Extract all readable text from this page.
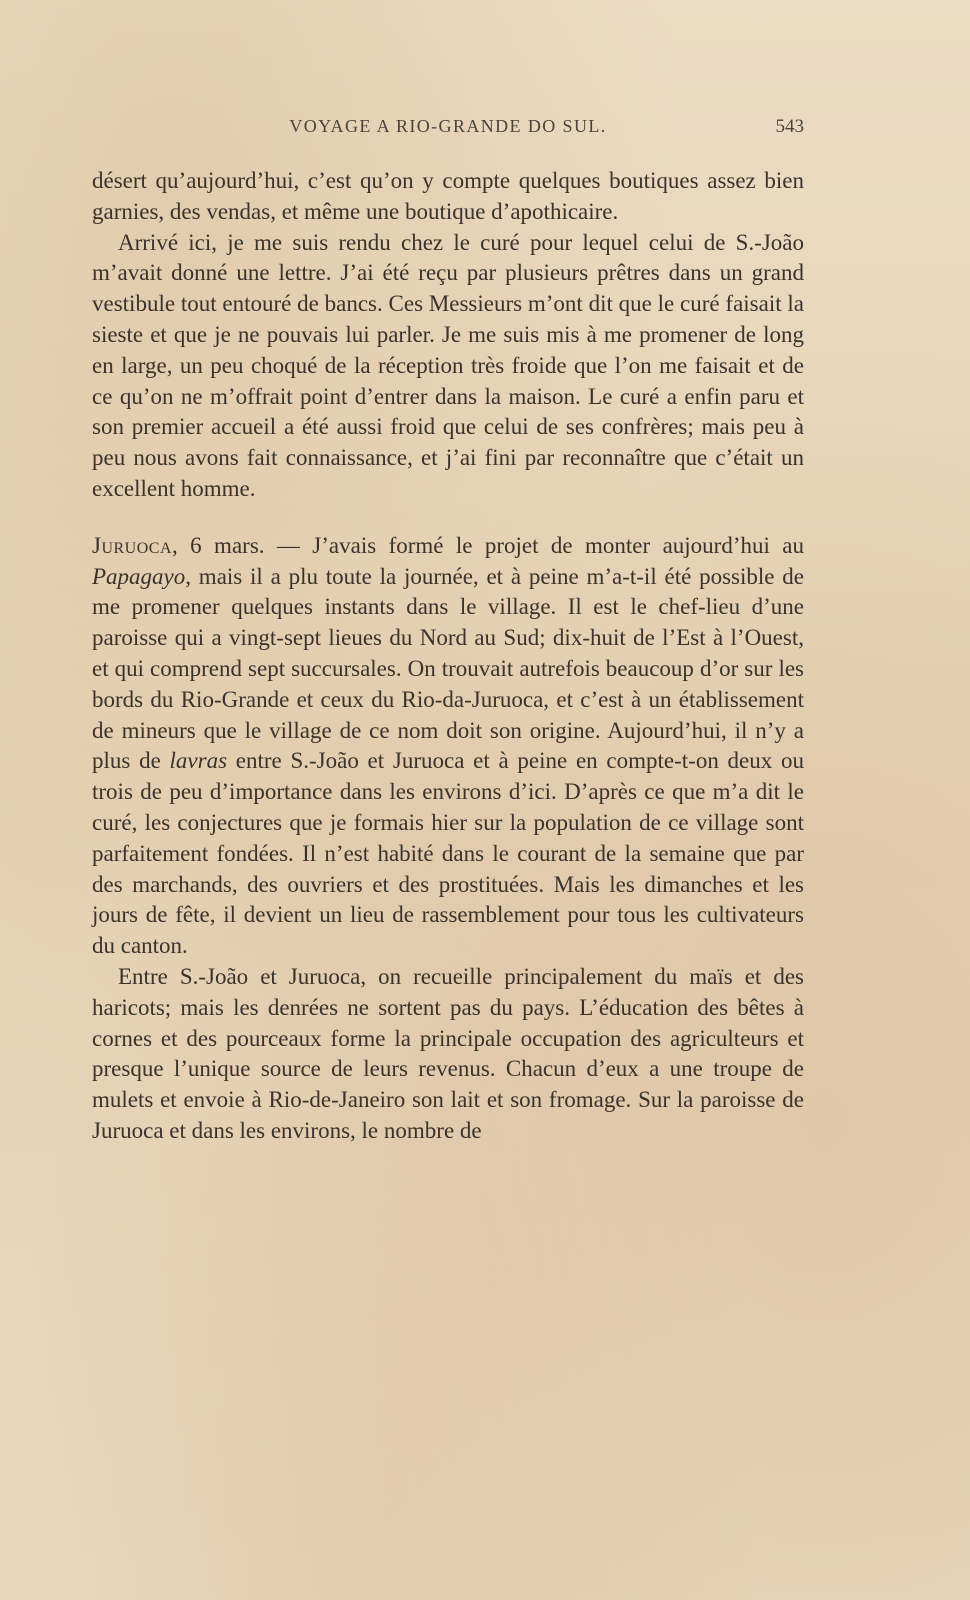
VOYAGE A RIO-GRANDE DO SUL.	543

désert qu’aujourd’hui, c’est qu’on y compte quelques boutiques assez bien garnies, des vendas, et même une boutique d’apothicaire.

Arrivé ici, je me suis rendu chez le curé pour lequel celui de S.-João m’avait donné une lettre. J’ai été reçu par plusieurs prêtres dans un grand vestibule tout entouré de bancs. Ces Messieurs m’ont dit que le curé faisait la sieste et que je ne pouvais lui parler. Je me suis mis à me promener de long en large, un peu choqué de la réception très froide que l’on me faisait et de ce qu’on ne m’offrait point d’entrer dans la maison. Le curé a enfin paru et son premier accueil a été aussi froid que celui de ses confrères; mais peu à peu nous avons fait connaissance, et j’ai fini par reconnaître que c’était un excellent homme.

Juruoca, 6 mars. — J’avais formé le projet de monter aujourd’hui au Papagayo, mais il a plu toute la journée, et à peine m’a-t-il été possible de me promener quelques instants dans le village. Il est le chef-lieu d’une paroisse qui a vingt-sept lieues du Nord au Sud; dix-huit de l’Est à l’Ouest, et qui comprend sept succursales. On trouvait autrefois beaucoup d’or sur les bords du Rio-Grande et ceux du Rio-da-Juruoca, et c’est à un établissement de mineurs que le village de ce nom doit son origine. Aujourd’hui, il n’y a plus de lavras entre S.-João et Juruoca et à peine en compte-t-on deux ou trois de peu d’importance dans les environs d’ici. D’après ce que m’a dit le curé, les conjectures que je formais hier sur la population de ce village sont parfaitement fondées. Il n’est habité dans le courant de la semaine que par des marchands, des ouvriers et des prostituées. Mais les dimanches et les jours de fête, il devient un lieu de rassemblement pour tous les cultivateurs du canton.

Entre S.-João et Juruoca, on recueille principalement du maïs et des haricots; mais les denrées ne sortent pas du pays. L’éducation des bêtes à cornes et des pourceaux forme la principale occupation des agriculteurs et presque l’unique source de leurs revenus. Chacun d’eux a une troupe de mulets et envoie à Rio-de-Janeiro son lait et son fromage. Sur la paroisse de Juruoca et dans les environs, le nombre de
